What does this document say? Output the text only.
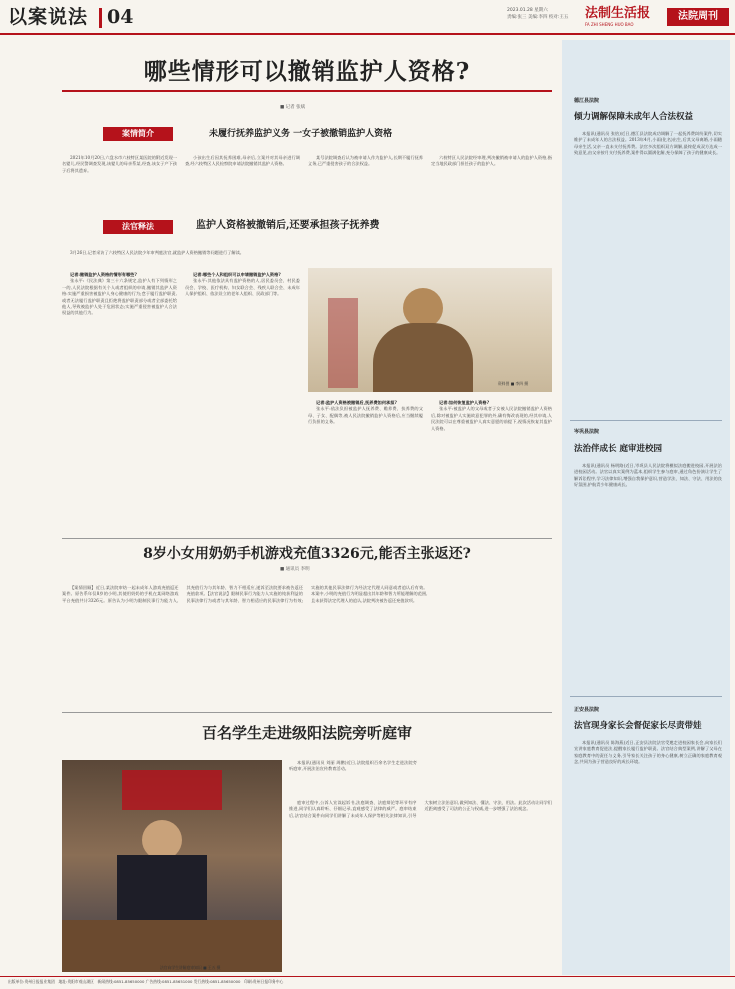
以案说法 04	2023.01.28 星期六
责编:张三 美编:李四 校对:王五 法制生活报
FA ZHI SHENG HUO BAO
法院周刊
哪些情形可以撤销监护人资格?
■ 记者 张斌
案情简介	未履行抚养监护义务 一女子被撤销监护人资格

2021年10月20日,六盘水市六枝特区某医院的附近发现一名婴儿,经民警调查发现,该婴儿的母亲系某,经查,该女子产下孩子后将其遗弃。

小孩出生后因其抚养困难,母亲后,立案并对其母亲进行调查,经六枝特区人民检察院申请法院撤销其监护人资格。

某号法院调查后认为被申请人作为监护人,长期不履行抚养义务,已严重侵害孩子的合法权益。

六枝特区人民法院经审理,判决撤销被申请人的监护人资格,指定当地民政部门担任孩子的监护人。

法官释法	监护人资格被撤销后,还要承担孩子抚养费

3月26日,记者采访了六枝特区人民法院少年审判庭法官,就监护人资格撤销等问题进行了解读。

记者:撤销监护人资格的情形有哪些?

张永平:《民法典》第三十六条规定,监护人有下列情形之一的,人民法院根据有关个人或者组织的申请,撤销其监护人资格:实施严重损害被监护人身心健康的行为;怠于履行监护职责,或者无法履行监护职责且拒绝将监护职责部分或者全部委托给他人,导致被监护人处于危困状态;实施严重侵害被监护人合法权益的其他行为。

记者:哪些个人和组织可以申请撤销监护人资格?

张永平:其他依法具有监护资格的人,居民委员会、村民委员会、学校、医疗机构、妇女联合会、残疾人联合会、未成年人保护组织、依法设立的老年人组织、民政部门等。

资料图 ■ 李四 摄

记者:监护人资格被撤销后,抚养费如何承担?

张永平:依法负担被监护人抚养费、赡养费、扶养费的父母、子女、配偶等,被人民法院撤销监护人资格后,应当继续履行负担的义务。

记者:如何恢复监护人资格?

张永平:被监护人的父母或者子女被人民法院撤销监护人资格后,除对被监护人实施故意犯罪的外,确有悔改表现的,经其申请,人民法院可以在尊重被监护人真实意愿的前提下,视情况恢复其监护人资格。

8岁小女用奶奶手机游戏充值3326元,能否主张返还?
■ 通讯员 李明

【案情回顾】近日,某法院审结一起未成年人游戏充值返还案件。原告系年仅8岁的小明,其使用奶奶的手机在某网络游戏平台充值共计3326元。原告认为小明为限制民事行为能力人,其充值行为与其年龄、智力不相适应,遂诉至法院要求被告返还充值款项。【法官说法】限制民事行为能力人实施的纯获利益的民事法律行为或者与其年龄、智力相适应的民事法律行为有效;实施的其他民事法律行为经法定代理人同意或者追认后有效。本案中,小明的充值行为明显超出其年龄和智力所能理解的范围,且未获得法定代理人的追认,法院判决被告返还充值款项。

百名学生走进级阳法院旁听庭审
法官向学生讲解庭审知识 ■ 王五 摄

本报讯(通讯员 刘丽 周鹏)近日,法院组织百余名学生走进法院旁听庭审,开展法治宣传教育活动。

庭审过程中,公诉人宣读起诉书,法庭调查、法庭辩论等环节有序推进,同学们认真聆听、仔细记录,直观感受了法律的威严。庭审结束后,法官结合案件向同学们讲解了未成年人保护等相关法律知识,引导大家树立法治意识,做到知法、懂法、守法、用法。此次活动让同学们近距离感受了司法的公正与权威,进一步增强了法治观念。

德江县法院
倾力调解保障未成年人合法权益

本报讯(通讯员 张怡)近日,德江县法院成功调解了一起抚养费纠纷案件,切实维护了未成年人的合法权益。2013年4月,小雨(化名)出生,后其父母离婚,小雨随母亲生活,父亲一直未支付抚养费。法官多次组织双方调解,最终促成双方达成一致意见,由父亲按月支付抚养费,案件得以圆满化解,充分保障了孩子的健康成长。

岑巩县法院
法治伴成长 庭审进校园

本报讯(通讯员 杨明路)近日,岑巩县人民法院将模拟法庭搬进校园,开展法治进校园活动。法官以真实案例为蓝本,组织学生参与庭审,通过角色扮演让学生了解诉讼程序,学习法律知识,增强自我保护意识,营造学法、知法、守法、用法的良好氛围,护航青少年健康成长。

正安县法院
法官现身家长会督促家长尽责带娃

本报讯(通讯员 陈海燕)近日,正安县法院法官受邀走进校园家长会,向家长们宣讲家庭教育促进法,提醒家长履行监护职责。法官结合典型案例,讲解了父母在家庭教育中的责任与义务,引导家长关注孩子的身心健康,树立正确的家庭教育观念,共同为孩子营造良好的成长环境。

出版单位:贵州日报报业集团 地址:贵阳市观山湖区 新闻热线:0851-85650000 广告热线:0851-85651000 发行热线:0851-85650000 印刷:贵州日报印务中心
